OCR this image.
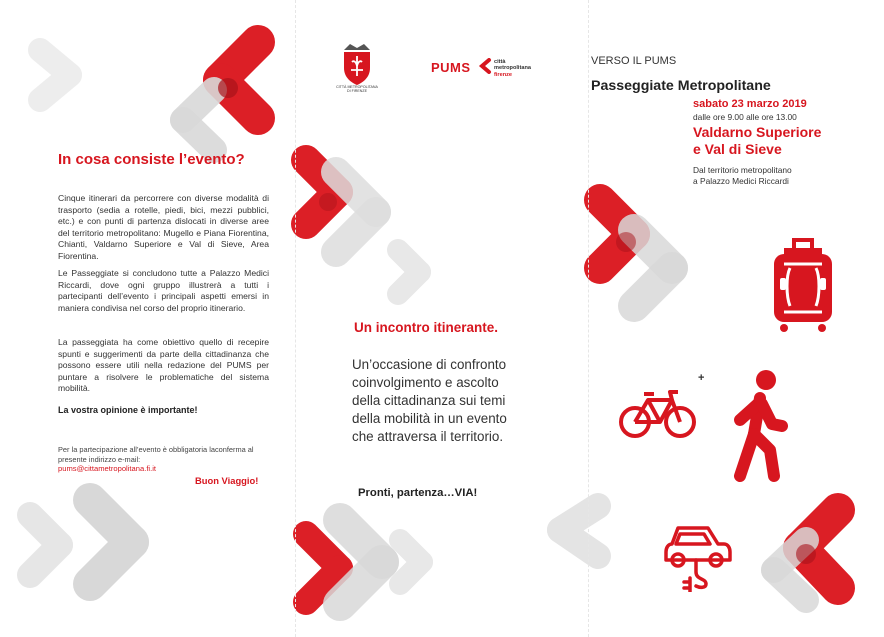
In cosa consiste l’evento?
Cinque itinerari da percorrere con diverse modalità di trasporto (sedia a rotelle, piedi, bici, mezzi pubblici, etc.) e con punti di partenza dislocati in diverse aree del territorio metropolitano: Mugello e Piana Fiorentina, Chianti, Valdarno Superiore e Val di Sieve, Area Fiorentina.
Le Passeggiate si concludono tutte a Palazzo Medici Riccardi, dove ogni gruppo illustrerà a tutti i partecipanti dell’evento i principali aspetti emersi in maniera condivisa nel corso del proprio itinerario.
La passeggiata ha come obiettivo quello di recepire spunti e suggerimenti da parte della cittadinanza che possono essere utili nella redazione del PUMS per puntare a risolvere le problematiche del sistema mobilità.
La vostra opinione è importante!
Per la partecipazione all’evento è obbligatoria laconferma al presente indirizzo e-mail:
pums@cittametropolitana.fi.it
Buon Viaggio!
CITTÀ METROPOLITANA
DI FIRENZE
PUMS	città
metropolitana
firenze
Un incontro itinerante.
Un’occasione di confronto
coinvolgimento e ascolto
della cittadinanza sui temi
della mobilità in un evento
che attraversa il territorio.
Pronti, partenza…VIA!
VERSO IL PUMS
Passeggiate Metropolitane
sabato 23 marzo 2019
dalle ore 9.00 alle ore 13.00
Valdarno Superiore
e Val di Sieve
Dal territorio metropolitano
a Palazzo Medici Riccardi
+
